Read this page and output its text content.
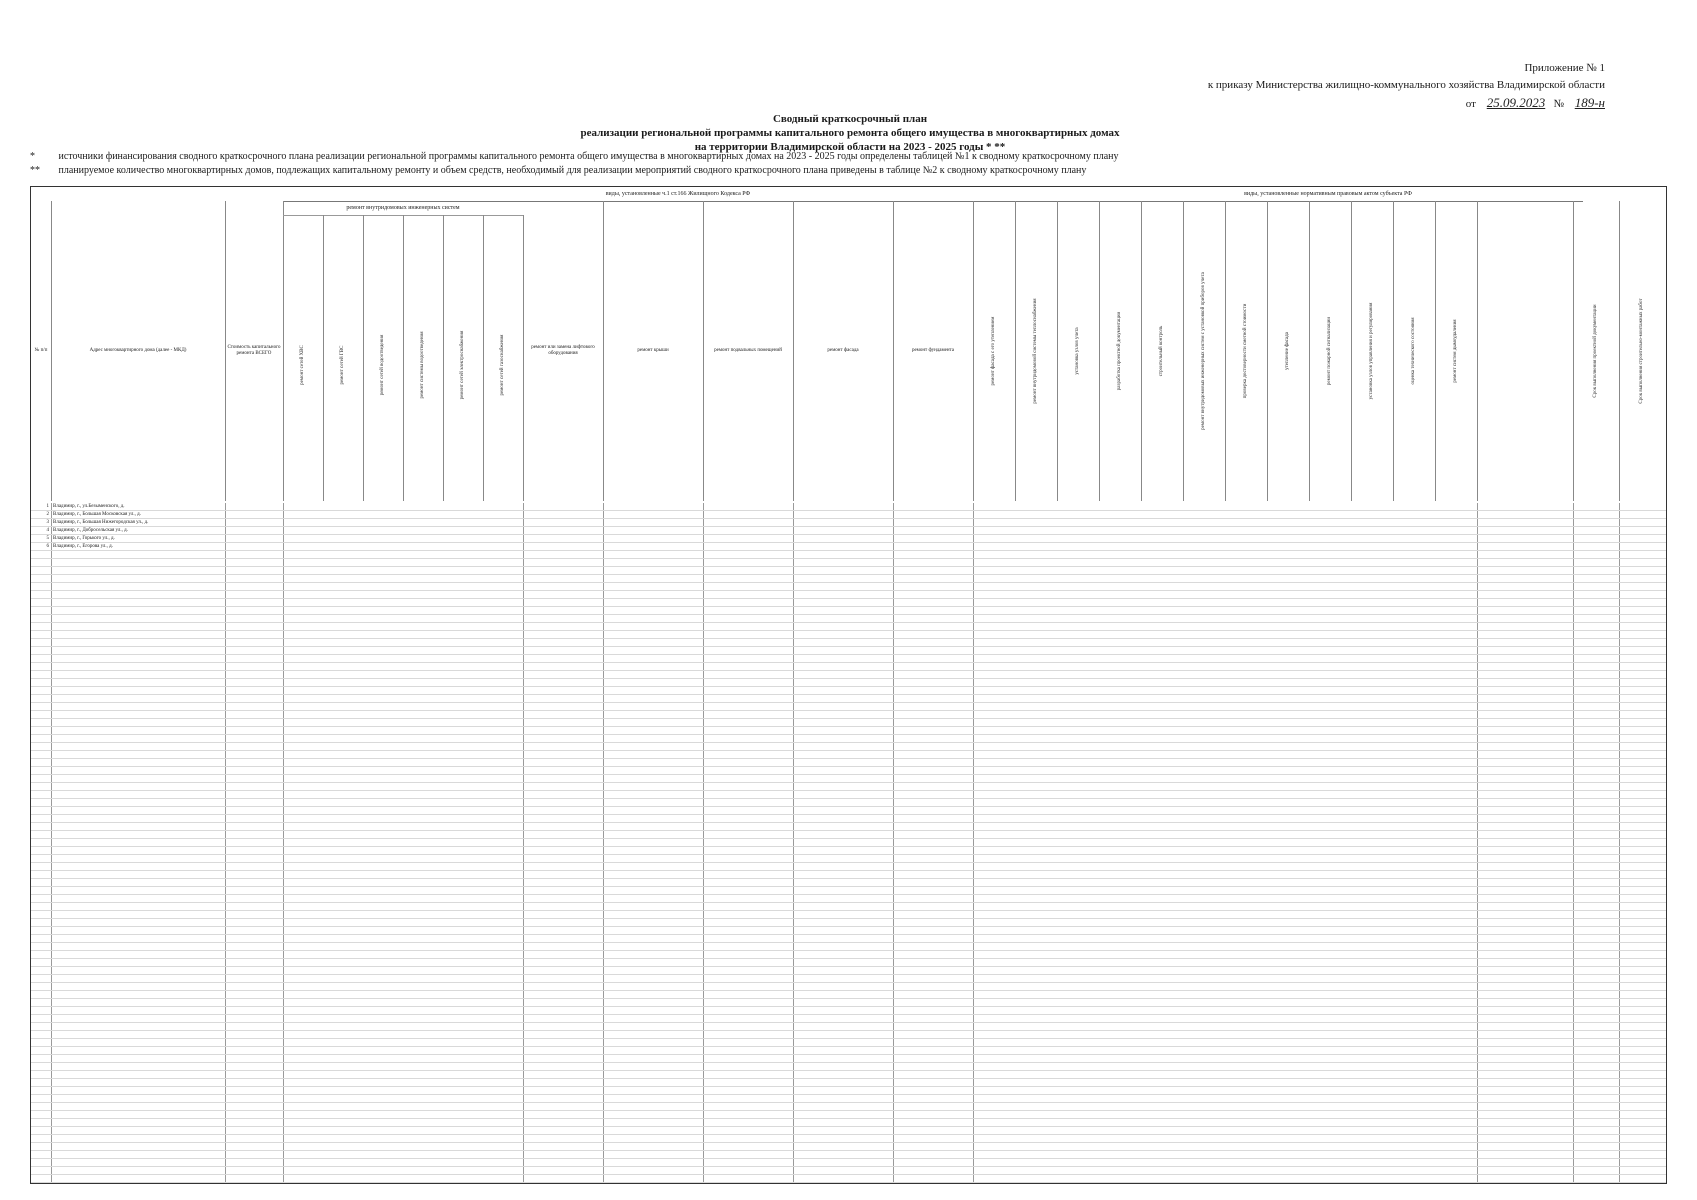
Приложение № 1
к приказу Министерства жилищно-коммунального хозяйства Владимирской области
от 25.09.2023 № 189-н
Сводный краткосрочный план
реализации региональной программы капитального ремонта общего имущества в многоквартирных домах
на территории Владимирской области на 2023 - 2025 годы * **
* источники финансирования сводного краткосрочного плана реализации региональной программы капитального ремонта общего имущества в многоквартирных домах на 2023 - 2025 годы определены таблицей №1 к сводному краткосрочному плану
** планируемое количество многоквартирных домов, подлежащих капитальному ремонту и объем средств, необходимый для реализации мероприятий сводного краткосрочного плана приведены в таблице №2 к сводному краткосрочному плану
виды, установленные ч.1 ст.166 Жилищного Кодекса РФ	виды, установленные нормативным правовым актом субъекта РФ
№ п/п	Адрес многоквартирного дома (далее - МКД)
Стоимость капитального ремонта ВСЕГО
ремонт внутридомовых инженерных систем
ремонт сетей ХВС	ремонт сетей ГВС	ремонт сетей водоотведения	ремонт системы водоотведения	ремонт сетей электроснабжения	ремонт сетей газоснабжения	ремонт или замена лифтового оборудования
ремонт крыши	ремонт подвальных помещений	ремонт фасада	ремонт фундамента	ремонт фасада с его утеплением	ремонт внутридомовой системы теплоснабжения	установка узлов учета	разработка проектной документации	строительный контроль	ремонт внутридомовых инженерных систем с установкой приборов учета	проверка достоверности сметной стоимости	утепление фасада	ремонт пожарной сигнализации	установка узлов управления и регулирования	оценка технического состояния	ремонт систем дымоудаления	Срок выполнения проектной документации	Срок выполнения строительно-монтажных работ
1 Владимир, г., ул.Безыменского, д.
2 Владимир, г., Большая Московская ул., д.
3 Владимир, г., Большая Нижегородская ул., д.
4 Владимир, г., Добросельская ул., д.
5 Владимир, г., Горького ул., д.
6 Владимир, г., Егорова ул., д.
